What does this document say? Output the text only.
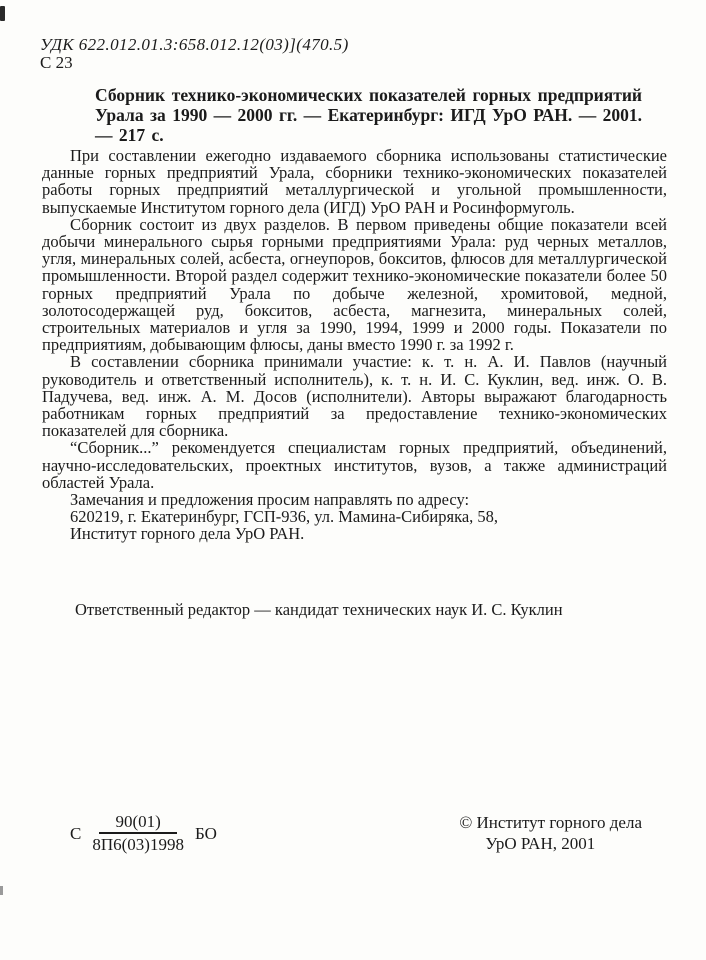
УДК 622.012.01.3:658.012.12(03)](470.5)
С 23
Сборник технико-экономических показателей горных предприятий Урала за 1990 — 2000 гг. — Екатеринбург: ИГД УрО РАН. — 2001. — 217 с.

При составлении ежегодно издаваемого сборника использованы статистические данные горных предприятий Урала, сборники технико-экономических показателей работы горных предприятий металлургической и угольной промышленности, выпускаемые Институтом горного дела (ИГД) УрО РАН и Росинформуголь.

Сборник состоит из двух разделов. В первом приведены общие показатели всей добычи минерального сырья горными предприятиями Урала: руд черных металлов, угля, минеральных солей, асбеста, огнеупоров, бокситов, флюсов для металлургической промышленности. Второй раздел содержит технико-экономические показатели более 50 горных предприятий Урала по добыче железной, хромитовой, медной, золотосодержащей руд, бокситов, асбеста, магнезита, минеральных солей, строительных материалов и угля за 1990, 1994, 1999 и 2000 годы. Показатели по предприятиям, добывающим флюсы, даны вместо 1990 г. за 1992 г.

В составлении сборника принимали участие: к. т. н. А. И. Павлов (научный руководитель и ответственный исполнитель), к. т. н. И. С. Куклин, вед. инж. О. В. Падучева, вед. инж. А. М. Досов (исполнители). Авторы выражают благодарность работникам горных предприятий за предоставление технико-экономических показателей для сборника.

“Сборник...” рекомендуется специалистам горных предприятий, объединений, научно-исследовательских, проектных институтов, вузов, а также администраций областей Урала.

Замечания и предложения просим направлять по адресу:

620219, г. Екатеринбург, ГСП-936, ул. Мамина-Сибиряка, 58,

Институт горного дела УрО РАН.

Ответственный редактор — кандидат технических наук И. С. Куклин
С $\frac{90(01)}{8П6(03)1998}$ БО
© Институт горного дела
УрО РАН, 2001
